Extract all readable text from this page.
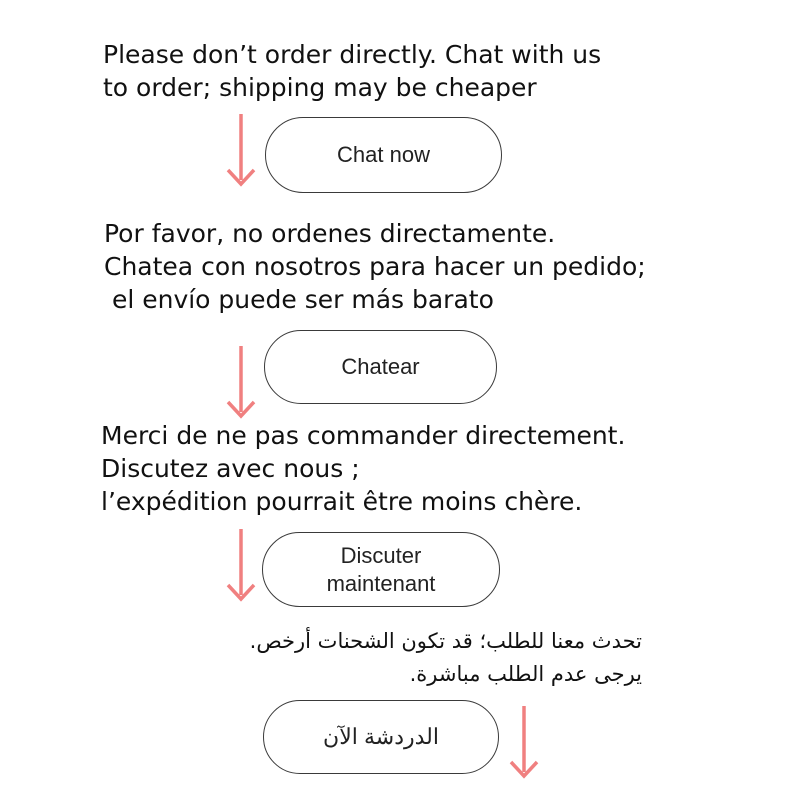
Please don’t order directly. Chat with us
to order; shipping may be cheaper
Chat now
Por favor, no ordenes directamente.
Chatea con nosotros para hacer un pedido;
el envío puede ser más barato
Chatear
Merci de ne pas commander directement.
Discutez avec nous ;
l’expédition pourrait être moins chère.
Discuter
maintenant
تحدث معنا للطلب؛ قد تكون الشحنات أرخص.
يرجى عدم الطلب مباشرة.
الدردشة الآن
